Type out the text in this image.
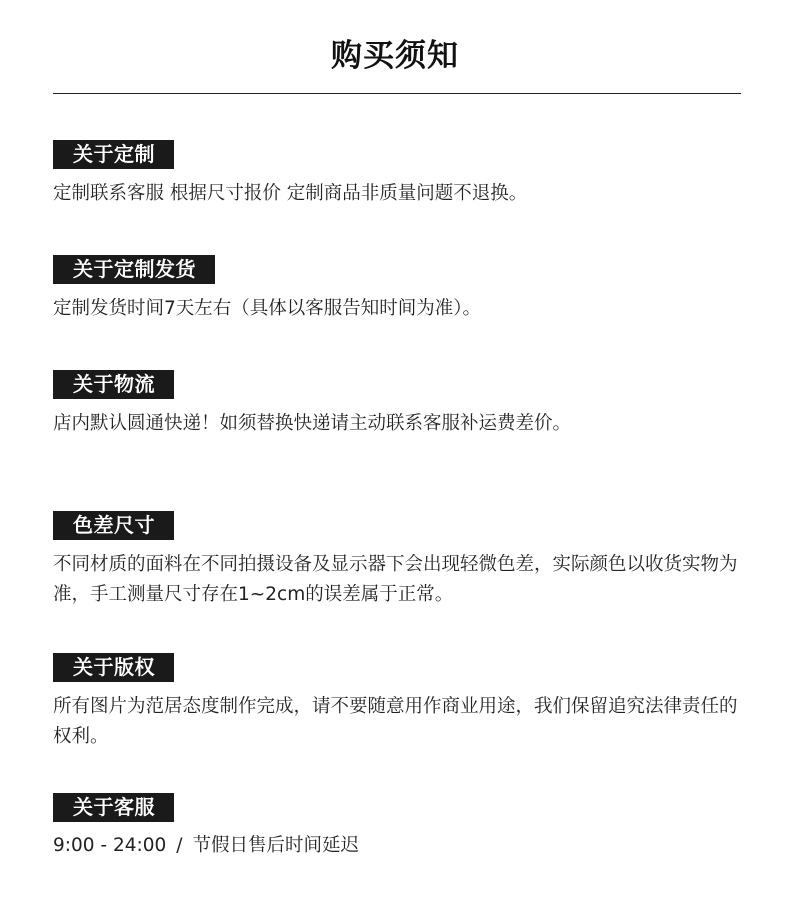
购买须知
关于定制
定制联系客服 根据尺寸报价 定制商品非质量问题不退换。
关于定制发货
定制发货时间7天左右（具体以客服告知时间为准）。
关于物流
店内默认圆通快递！如须替换快递请主动联系客服补运费差价。
色差尺寸
不同材质的面料在不同拍摄设备及显示器下会出现轻微色差，实际颜色以收货实物为准，手工测量尺寸存在1~2cm的误差属于正常。
关于版权
所有图片为范居态度制作完成，请不要随意用作商业用途，我们保留追究法律责任的权利。
关于客服
9:00 - 24:00 / 节假日售后时间延迟
